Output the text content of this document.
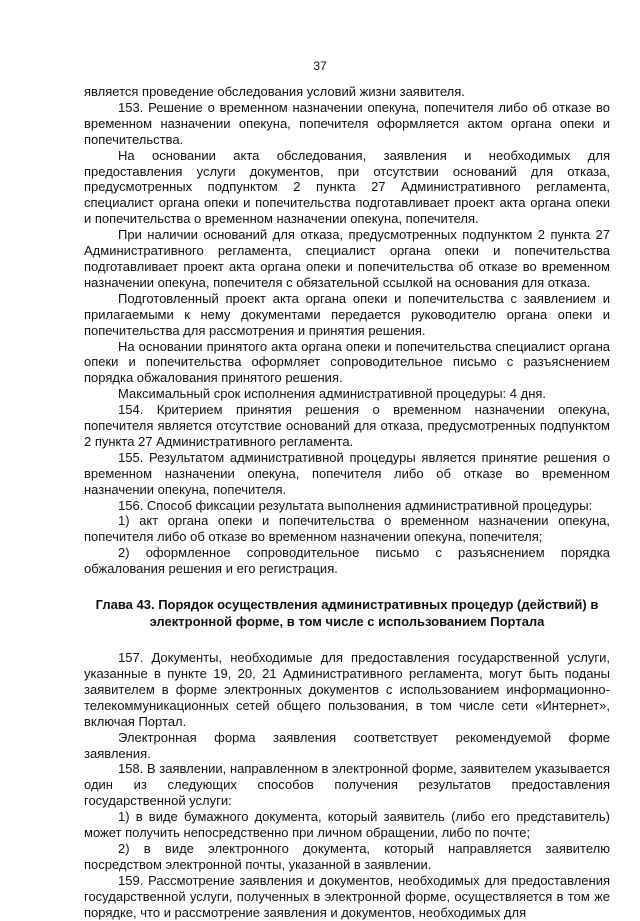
37

является проведение обследования условий жизни заявителя.

153. Решение о временном назначении опекуна, попечителя либо об отказе во временном назначении опекуна, попечителя оформляется актом органа опеки и попечительства.

На основании акта обследования, заявления и необходимых для предоставления услуги документов, при отсутствии оснований для отказа, предусмотренных подпунктом 2 пункта 27 Административного регламента, специалист органа опеки и попечительства подготавливает проект акта органа опеки и попечительства о временном назначении опекуна, попечителя.

При наличии оснований для отказа, предусмотренных подпунктом 2 пункта 27 Административного регламента, специалист органа опеки и попечительства подготавливает проект акта органа опеки и попечительства об отказе во временном назначении опекуна, попечителя с обязательной ссылкой на основания для отказа.

Подготовленный проект акта органа опеки и попечительства с заявлением и прилагаемыми к нему документами передается руководителю органа опеки и попечительства для рассмотрения и принятия решения.

На основании принятого акта органа опеки и попечительства специалист органа опеки и попечительства оформляет сопроводительное письмо с разъяснением порядка обжалования принятого решения.

Максимальный срок исполнения административной процедуры: 4 дня.

154. Критерием принятия решения о временном назначении опекуна, попечителя является отсутствие оснований для отказа, предусмотренных подпунктом 2 пункта 27 Административного регламента.

155. Результатом административной процедуры является принятие решения о временном назначении опекуна, попечителя либо об отказе во временном назначении опекуна, попечителя.

156. Способ фиксации результата выполнения административной процедуры:

1) акт органа опеки и попечительства о временном назначении опекуна, попечителя либо об отказе во временном назначении опекуна, попечителя;

2) оформленное сопроводительное письмо с разъяснением порядка обжалования решения и его регистрация.

Глава 43. Порядок осуществления административных процедур (действий) в электронной форме, в том числе с использованием Портала

157. Документы, необходимые для предоставления государственной услуги, указанные в пункте 19, 20, 21 Административного регламента, могут быть поданы заявителем в форме электронных документов с использованием информационно-телекоммуникационных сетей общего пользования, в том числе сети «Интернет», включая Портал.

Электронная форма заявления соответствует рекомендуемой форме заявления.

158. В заявлении, направленном в электронной форме, заявителем указывается один из следующих способов получения результатов предоставления государственной услуги:

1) в виде бумажного документа, который заявитель (либо его представитель) может получить непосредственно при личном обращении, либо по почте;

2) в виде электронного документа, который направляется заявителю посредством электронной почты, указанной в заявлении.

159. Рассмотрение заявления и документов, необходимых для предоставления государственной услуги, полученных в электронной форме, осуществляется в том же порядке, что и рассмотрение заявления и документов, необходимых для
